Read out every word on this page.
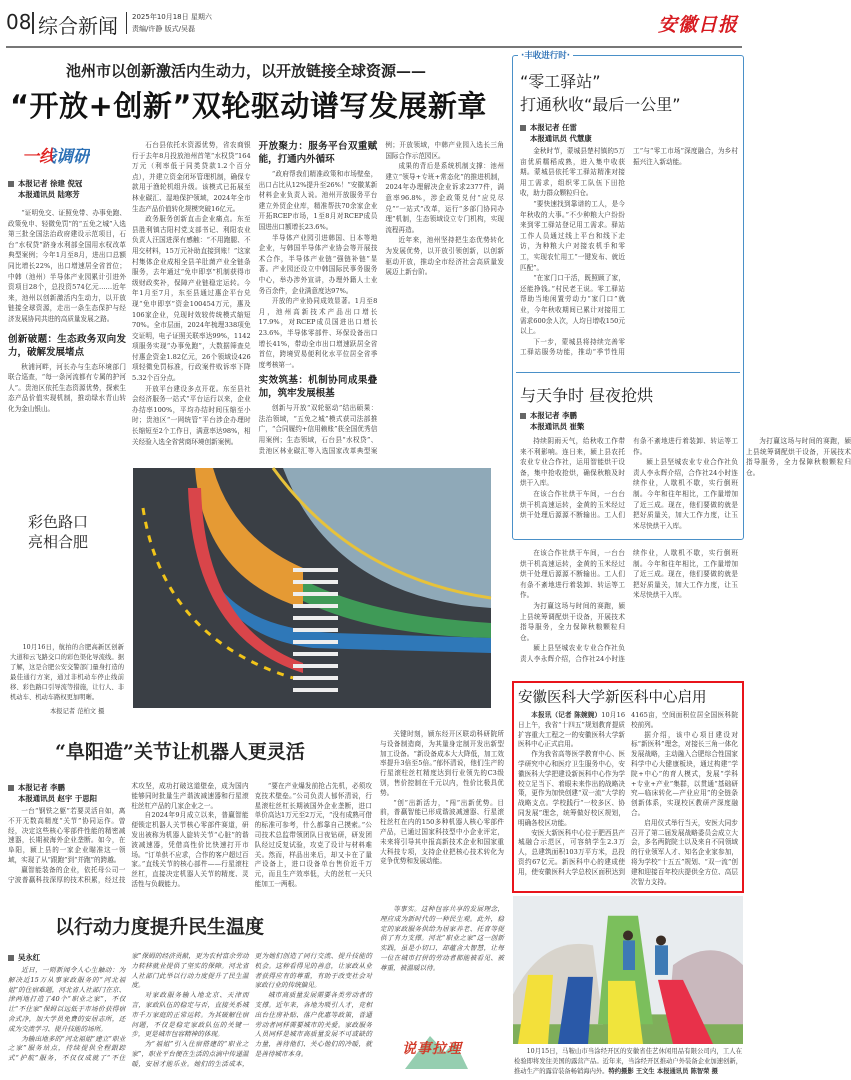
08 综合新闻 2025年10月18日 星期六
责编/许静 版式/吴磊	安徽日报
池州市以创新激活内生动力，以开放链接全球资源——
“开放+创新”双轮驱动谱写发展新章
一线调研
本报记者 徐建 倪冠
本报通讯员 陆寒芳

“证明免交、证照免带、办事免跑、政策免申、轻微免罚”的“五免之城”入选第三批全国法治政府建设示范项目，石台“水权贷”跻身水利部全国用水权改革典型案例；今年1月至8月，进出口总额同比增长22%，出口增速居全省首位；中韩（池州）半导体产业园累计引进外资项目28个，总投资574亿元……近年来，池州以创新激活内生动力，以开放链接全球资源，走出一条生态保护与经济发展协同共进的高质量发展之路。

创新破题：生态政务双向发力，破解发展堵点

秋浦河畔，河长办与生态环境部门联合巡查，“每一条河流都有专属的护河人”。贵池区依托生态资源优势，探索生态产品价值实现机制，推动绿水青山转化为金山银山。

石台县依托水资源优势，省农商银行于去年8月投放池州首笔“水权贷”164万元（利率低于同类贷款1.2个百分点），并建立资金闭环管理机制，确保专款用于渔轮机组升级。该模式已拓展至林业碳汇、湿地保护领域，2024年全市生态产品价值转化规模突破16亿元。

政务服务创新直击企业痛点。东至县胜利镇古阳村党支部书记、利阳农业负责人汪国进深有感触：“不用跑腿、不用交材料，15万元补助直接到账！”这家村集体企业成相全县羊肚菌产业全链条服务，去年通过“免申即享”机制获得市级财政奖补，保障产业链稳定运转。今年1月至7月，东至县通过惠企平台兑现“免申即享”资金100454万元，惠及106家企业，兑现时效较传统模式缩短70%。全市层面，2024年梳理338项免交证明，电子证照关联率达99%，1142项服务实现“办事免跑”，大数据筛查兑付惠企资金1.82亿元，26个领域设426项轻微免罚标准，行政案件败诉率下降5.32个百分点。

开放平台建设多点开花。东至县社会经济服务一站式”平台运行以来，企业办结率100%，平均办结时间压缩至小时；贵池区“一网统管”平台涉企办理时长缩短至2个工作日，满意率达98%，相关经验入选全省营商环境创新案例。

开放聚力：服务平台双重赋能，打通内外循环

“政府帮我们精准政策和市场壁垒，出口占比从12%提升至26%！”安徽某新材料企业负责人说。池州开放服务平台建立外贸企业库，精准帮扶70余家企业开拓RCEP市场，1至8月对RCEP成员国进出口额增长23.6%。

半导体产业园引进韩国、日本等地企业，与韩国半导体产业协会等开展技术合作，半导体产业链“强链补链”显著。产业园还设立中韩国际民事务服务中心，举办涉外宣讲，办理外籍人士业务百余件，企业满意度达97%。

开放的产业协同成效显著。1月至8月，池州高新技术产品出口增长17.9%，对RCEP成员国进出口增长23.6%，半导体零部件、环保设备出口增长41%，带动全市出口增速跃居全省首位，跨境贸易便利化水平位居全省季度考核第一。

实效筑基：机制协同成果叠加，筑牢发展根基

创新与开放“双轮驱动”结出硕果：法治领域，“五免之城”模式获司法部推广，“合同履约+信用赖账”获全国优秀信用案例；生态领域，石台县“水权贷”、贵池区林业碳汇等入选国家改革典型案例；开放领域，中韩产业园入选长三角国际合作示范园区。

成果的背后是系统机制支撑：池州建立“领导+专班+常态化”的推进机制，2024年办理解决企业诉求2377件，满意率96.8%，涉企政策兑付“应兑尽兑”“一站式”改革，运行“多部门协同办理”机制，生态领域设立专门机构，实现流程再造。

近年来，池州坚持把生态优势转化为发展优势，以开放引领创新，以创新驱动开放，推动全市经济社会高质量发展迈上新台阶。

彩色路口
亮相合肥

10月16日，航拍的合肥高新区创新大道和云飞路交口的彩色渠化导流线。据了解，这是合肥公安交警部门量身打造的最佳通行方案，通过非机动车停止线前移、彩色路口引导流等措施，让行人、非机动车、机动车路权更加明晰。

本报记者 范柏文 摄
·丰收进行时·
“零工驿站”
打通秋收“最后一公里”
本报记者 任雷
本报通讯员 代慧康

金秋时节，蒙城县楚村镇的5万亩优质糯稻成熟，进入集中收获期。蒙城县依托零工驿站精准对接用工需求，组织零工队伍下田抢收，助力群众颗粒归仓。

“要快速找到靠谱的工人，是今年秋收的大事。”不少种粮大户纷纷来到零工驿站登记用工需求。驿站工作人员通过线上平台和线下走访，为种粮大户对接农机手和零工，实现农忙用工“一键发布、就近匹配”。

“在家门口干活，既照顾了家，还能挣钱。”村民老王说。零工驿站帮助当地闲置劳动力“家门口”就业，今年秋收期间已累计对接用工需求600余人次，人均日增收150元以上。

下一步，蒙城县将持续完善零工驿站服务功能，推动“季节性用工”与“零工市场”深度融合，为乡村振兴注入新动能。

与天争时 昼夜抢烘
本报记者 李鹏
本报通讯员 崔檠

持续阴雨天气，给秋收工作带来不利影响。连日来，颍上县农托农业专业合作社，运用智能烘干设备，集中抢收抢烘，确保秋粮及时烘干入库。

在该合作社烘干车间，一台台烘干机高速运转，金黄的玉米经过烘干处理后源源不断输出。工人们有条不紊地进行着装卸、转运等工作。

颍上县坚城农业专业合作社负责人李永辉介绍，合作社24小时连续作业，人歇机不歇，实行倒班制。今年和往年相比，工作量增加了近三成。现在，他们要做的就是把好质量关，加大工作力度，让玉米尽快烘干入库。

为打赢这场与时间的赛跑，颍上县统筹调配烘干设备，开展技术指导服务，全力保障秋粮颗粒归仓。

在该合作社烘干车间，一台台烘干机高速运转，金黄的玉米经过烘干处理后源源不断输出。工人们有条不紊地进行着装卸、转运等工作。

为打赢这场与时间的赛跑，颍上县统筹调配烘干设备，开展技术指导服务，全力保障秋粮颗粒归仓。

颍上县坚城农业专业合作社负责人李永辉介绍，合作社24小时连续作业，人歇机不歇，实行倒班制。今年和往年相比，工作量增加了近三成。现在，他们要做的就是把好质量关，加大工作力度，让玉米尽快烘干入库。

安徽医科大学新医科中心启用

本报讯（记者 陈婉婉）10月16日上午，我省“十四五”规划教育提质扩容重大工程之一的安徽医科大学新医科中心正式启用。

作为我省高等医学教育中心、医学研究中心和医疗卫生服务中心，安徽医科大学把建设新医科中心作为学校立足当下、着眼未来作出的战略决策，更作为加快创建“双一流”大学的战略支点。学校践行“一校多区、协同发展”理念，统筹做好校区规划，明确各校区功能。

安医大新医科中心位于肥西县产城融合示范区，可容纳学生2.3万人，总建筑面积103万平方米，总投资约67亿元。新医科中心的建成使用，使安徽医科大学总校区面积达到4165亩，空间面积位居全国医科院校前列。

据介绍，该中心项目建设对标“新医科”理念，对接长三角一体化发展战略，主动融入合肥综合性国家科学中心大健康板块，通过构建“学院+中心”的育人模式，发展“学科+专业+产业”集群，以贯通“基础研究—临床转化—产业应用”的全链条创新体系，实现校区教研产深度融合。

启用仪式举行当天，安医大同步召开了第二届发展战略委员会成立大会，多名两院院士以及来自不同领域的行业领军人才、知名企业家参加，将为学校“十五五”规划、“双一流”创建和迎接百年校庆提供全方位、高层次智力支持。

“阜阳造”关节让机器人更灵活
本报记者 李鹏
本报通讯员 赵宇 于思阳

一台“钢铁之躯”若要灵活自如，离不开无数高精度“关节”协同运作。曾经，决定这些核心零部件性能的精密减速器，长期被海外企业垄断。如今，在阜阳，颍上县的一家企业瞄准这一领域，实现了从“跟跑”到“并跑”的跨越。

赢智能装备的企业，依托母公司一宁波普赢科技深厚的技术积累，经过技术攻坚，成功打破这道壁垒，成为国内能够同时批量生产谐波减速器和行星滚柱丝杠产品的几家企业之一。

自2024年9月成立以来，普赢智能便锁定机器人关节核心零部件赛道，研发出被称为机器人旋转关节“心脏”的谐波减速器，凭借高性价比快速打开市场。“订单供不应求，合作的客户超过百家。”直线关节的核心部件——行星滚柱丝杠，直接决定机器人关节的精度、灵活性与负载能力。

“要在产业爆发前抢占先机，必须攻克技术壁垒。”公司负责人郁怀清说，行星滚柱丝杠长期被国外企业垄断，进口单价高达1万元至2万元，“没有成熟可借的标准可参考，什么都靠自己摸索。”公司技术总监带领团队日夜钻研，研发团队经过反复试验，攻克了设计与材料难关。然而，样品出来后，却又卡在了量产设备上，进口设备单台售价近千万元，而且生产效率低，大的丝杠一天只能加工一两根。

关键时刻，颍东经开区联动科研院所与设备制造商，为其量身定制开发出新型加工设备。“新设备成本大大降低，加工效率提升3倍至5倍。”郁怀清说，他们生产的行星滚柱丝杠精度达到行业领先的C3级别，售价控制在千元以内，性价比极具优势。

“创”出新活力，“闯”出新优势。目前，普赢智能已形成谐波减速器、行星滚柱丝杠在内的150多种机器人核心零部件产品，已通过国家科技型中小企业评定，未来将引导其申报高新技术企业和国家重大科技专项，支持企业把核心技术转化为竞争优势和发展动能。

以行动力度提升民生温度
吴永红

近日，一则新闻令人心生触动：为解决近15万从事家政服务的“河北福姐”的住宿难题，河北省人社部门在京、津两地打造了40个“职业之家”，不仅让“不住家”保姆以远低于市场价获得宿舍式净，加大学员免费的安居志所，还成为交流学习、提升技能的场所。

为输出地多的“河北福姐”建立“职业之家”服务站点，持续提供全程跟踪式“护航”服务，不仅仅成就了“不住家”保姆的经济贡献，更为农村富余劳动力转移就业提供了坚实的保障。河北省人社部门此举以行动力度提升了民生温度。

对家政服务输入地北京、天津而言，家政队伍的稳定与否，直接关系城市千万家庭的正常运转。为其破解住宿问题，不仅是稳定家政队伍的关键一步，更是城市包容精神的体现。

为“福姐”引入住宿搭建的“职业之家”，职业平台便在生活的点滴中传递温暖，安居才能乐业。她们的生活成本，更为她们创造了同行交流、提升技能的机会。这种看得见的善意，让家政从业者获得应有的尊重，有助于改变社会对家政行业的传统偏见。

城市高质量发展需要各类劳动者的支撑。近年来，各地为吸引人才，竞相出台住房补贴、落户优惠等政策，普通劳动者同样需要城市的关爱。家政服务人员同样是城市高质量发展不可或缺的力量，善待他们、关心他们的冷暖，就是善待城市本身。

等事实。这种包容共享的发展理念，理应成为新时代的一种民生观。此外，稳定的家政服务供给为居家养老、托育等提供了有力支撑。河北“职业之家”这一创新实践，虽是小切口，却蕴含大智慧，让每一位在城市打拼的劳动者都能被看见、被尊重，被温暖以待。

说事拉理	10月15日，马鞍山市当涂经开区的安徽省佳艺休闲用品有限公司内，工人在检验即将发往美国的露营产品。近年来，当涂经开区推动户外装备企业加速创新，推动生产的露营装备畅销海内外。特约摄影 王文生 本报通讯员 陈智荣 摄
